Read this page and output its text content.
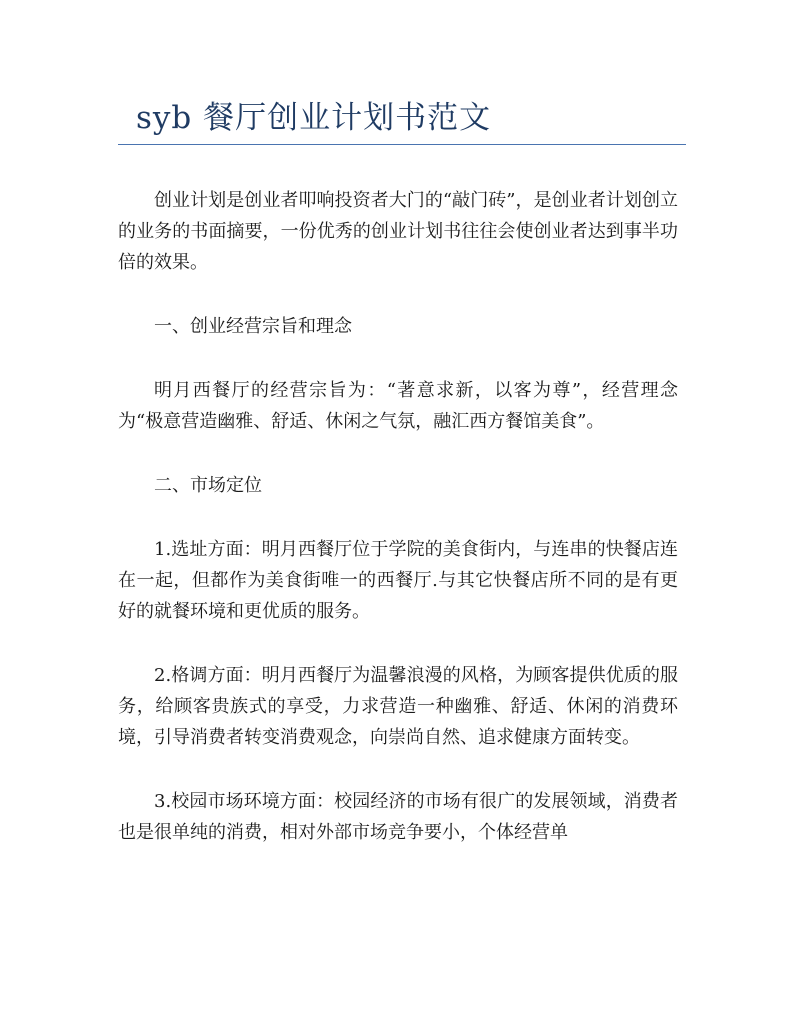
syb 餐厅创业计划书范文

创业计划是创业者叩响投资者大门的“敲门砖”，是创业者计划创立的业务的书面摘要，一份优秀的创业计划书往往会使创业者达到事半功倍的效果。

一、创业经营宗旨和理念

明月西餐厅的经营宗旨为：“著意求新，以客为尊”，经营理念为“极意营造幽雅、舒适、休闲之气氛，融汇西方餐馆美食”。

二、市场定位

1.选址方面：明月西餐厅位于学院的美食街内，与连串的快餐店连在一起，但都作为美食街唯一的西餐厅.与其它快餐店所不同的是有更好的就餐环境和更优质的服务。

2.格调方面：明月西餐厅为温馨浪漫的风格，为顾客提供优质的服务，给顾客贵族式的享受，力求营造一种幽雅、舒适、休闲的消费环境，引导消费者转变消费观念，向崇尚自然、追求健康方面转变。

3.校园市场环境方面：校园经济的市场有很广的发展领域，消费者也是很单纯的消费，相对外部市场竞争要小，个体经营单
